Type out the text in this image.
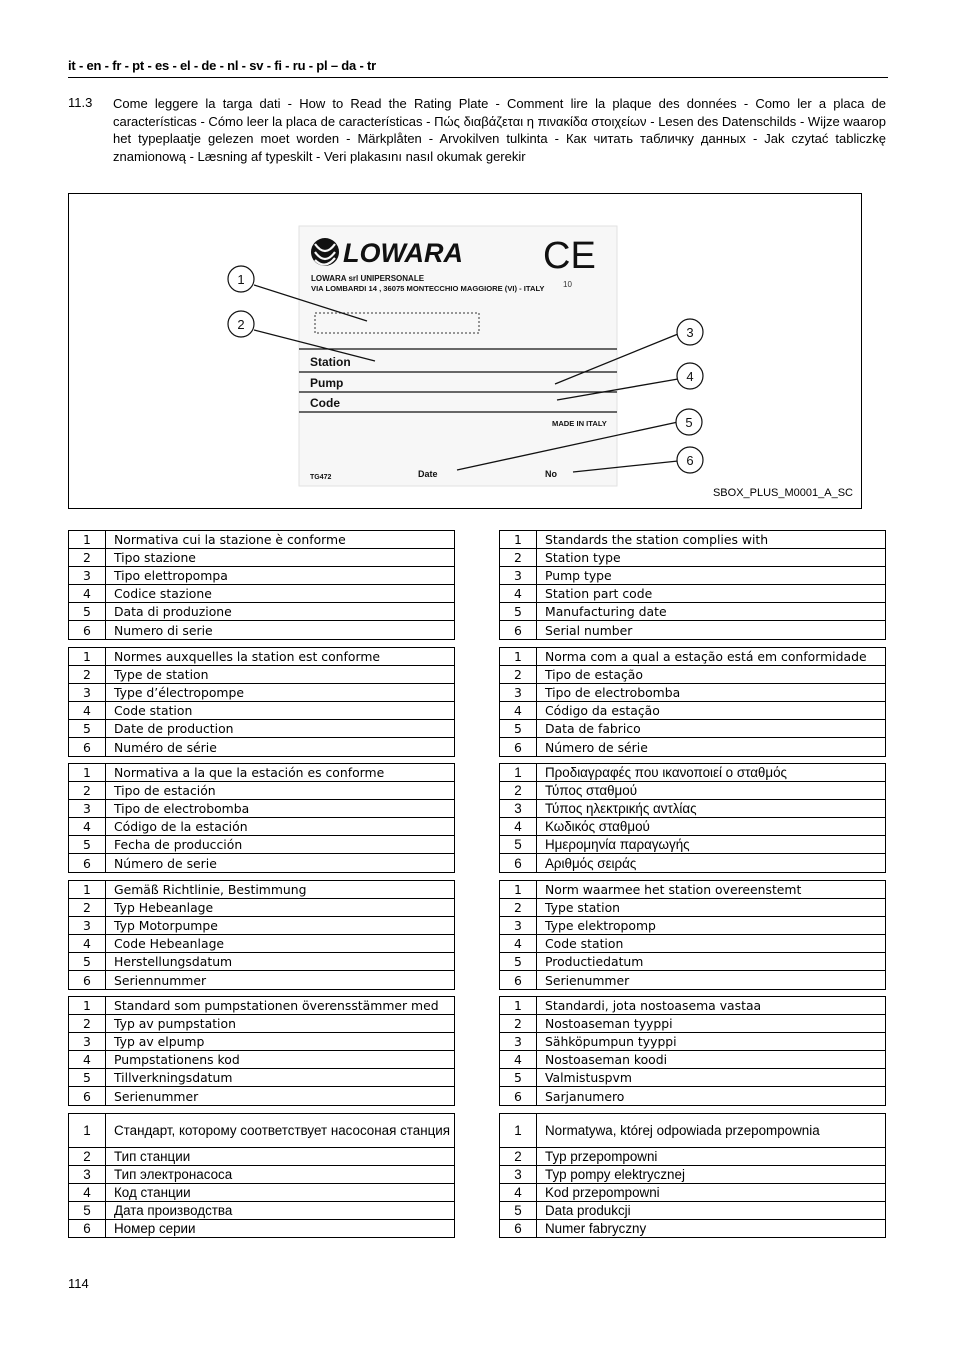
it - en - fr - pt - es - el - de - nl - sv - fi - ru - pl – da - tr
11.3 Come leggere la targa dati - How to Read the Rating Plate - Comment lire la plaque des données - Como ler a placa de características - Cómo leer la placa de características - Πώς διαβάζεται η πινακίδα στοιχείων - Lesen des Datenschilds - Wijze waarop het typeplaatje gelezen moet worden - Märkplåten - Arvokilven tulkinta - Как читать табличку данных - Jak czytać tabliczkę znamionową - Læsning af typeskilt - Veri plakasını nasıl okumak gerekir
LOWARA CE
10
LOWARA srl UNIPERSONALE
VIA LOMBARDI 14 , 36075 MONTECCHIO MAGGIORE (VI) - ITALY
Station
Pump
Code
MADE IN ITALY
TG472	Date	No
1
2
3
4
5
6
SBOX_PLUS_M0001_A_SC
1	Normativa cui la stazione è conforme
2	Tipo stazione
3	Tipo elettropompa
4	Codice stazione
5	Data di produzione
6	Numero di serie
1	Standards the station complies with
2	Station type
3	Pump type
4	Station part code
5	Manufacturing date
6	Serial number
1	Normes auxquelles la station est conforme
2	Type de station
3	Type d’électropompe
4	Code station
5	Date de production
6	Numéro de série
1	Norma com a qual a estação está em conformidade
2	Tipo de estação
3	Tipo de electrobomba
4	Código da estação
5	Data de fabrico
6	Número de série
1	Normativa a la que la estación es conforme
2	Tipo de estación
3	Tipo de electrobomba
4	Código de la estación
5	Fecha de producción
6	Número de serie
1	Προδιαγραφές που ικανοποιεί ο σταθμός
2	Τύπος σταθμού
3	Τύπος ηλεκτρικής αντλίας
4	Κωδικός σταθμού
5	Ημερομηνία παραγωγής
6	Αριθμός σειράς
1	Gemäß Richtlinie, Bestimmung
2	Typ Hebeanlage
3	Typ Motorpumpe
4	Code Hebeanlage
5	Herstellungsdatum
6	Seriennummer
1	Norm waarmee het station overeenstemt
2	Type station
3	Type elektropomp
4	Code station
5	Productiedatum
6	Serienummer
1	Standard som pumpstationen överensstämmer med
2	Typ av pumpstation
3	Typ av elpump
4	Pumpstationens kod
5	Tillverkningsdatum
6	Serienummer
1	Standardi, jota nostoasema vastaa
2	Nostoaseman tyyppi
3	Sähköpumpun tyyppi
4	Nostoaseman koodi
5	Valmistuspvm
6	Sarjanumero
1	Стандарт, которому соответствует насосоная станция
2	Тип станции
3	Тип электронасоса
4	Код станции
5	Дата производства
6	Номер серии
1	Normatywa, której odpowiada przepompownia
2	Typ przepompowni
3	Typ pompy elektrycznej
4	Kod przepompowni
5	Data produkcji
6	Numer fabryczny
114
